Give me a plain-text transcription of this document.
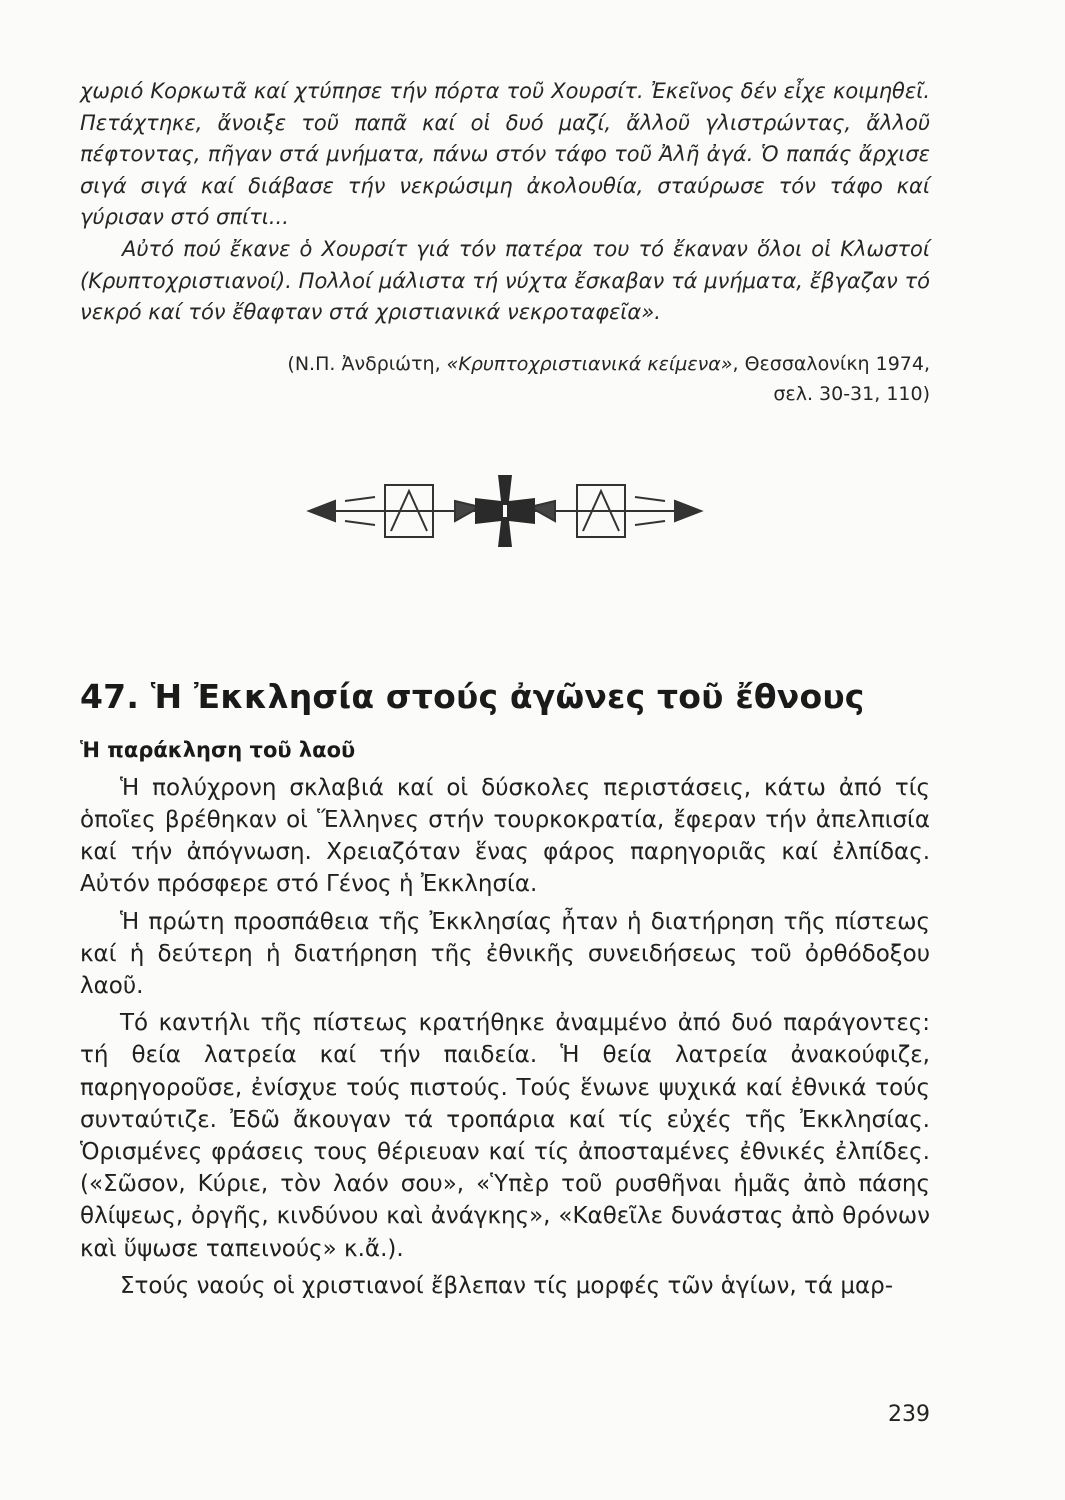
χωριό Κορκωτᾶ καί χτύπησε τήν πόρτα τοῦ Χουρσίτ. Ἐκεῖνος δέν εἶχε κοιμηθεῖ. Πετάχτηκε, ἄνοιξε τοῦ παπᾶ καί οἱ δυό μαζί, ἄλλοῦ γλιστρώντας, ἄλλοῦ πέφτοντας, πῆγαν στά μνήματα, πάνω στόν τάφο τοῦ Ἀλῆ ἀγά. Ὁ παπάς ἄρχισε σιγά σιγά καί διάβασε τήν νεκρώσιμη ἀκολουθία, σταύρωσε τόν τάφο καί γύρισαν στό σπίτι...

Αὐτό πού ἔκανε ὁ Χουρσίτ γιά τόν πατέρα του τό ἔκαναν ὅλοι οἱ Κλωστοί (Κρυπτοχριστιανοί). Πολλοί μάλιστα τή νύχτα ἔσκαβαν τά μνήματα, ἔβγαζαν τό νεκρό καί τόν ἔθαφταν στά χριστιανικά νεκροταφεῖα».

(Ν.Π. Ἀνδριώτη, «Κρυπτοχριστιανικά κείμενα», Θεσσαλονίκη 1974,
σελ. 30-31, 110)
47. Ἡ Ἐκκλησία στούς ἀγῶνες τοῦ ἔθνους
Ἡ παράκληση τοῦ λαοῦ

Ἡ πολύχρονη σκλαβιά καί οἱ δύσκολες περιστάσεις, κάτω ἀπό τίς ὁποῖες βρέθηκαν οἱ Ἕλληνες στήν τουρκοκρατία, ἔφεραν τήν ἀπελπισία καί τήν ἀπόγνωση. Χρειαζόταν ἕνας φάρος παρηγοριᾶς καί ἐλπίδας. Αὐτόν πρόσφερε στό Γένος ἡ Ἐκκλησία.

Ἡ πρώτη προσπάθεια τῆς Ἐκκλησίας ἦταν ἡ διατήρηση τῆς πίστεως καί ἡ δεύτερη ἡ διατήρηση τῆς ἐθνικῆς συνειδήσεως τοῦ ὀρθόδοξου λαοῦ.

Τό καντήλι τῆς πίστεως κρατήθηκε ἀναμμένο ἀπό δυό παράγοντες: τή θεία λατρεία καί τήν παιδεία. Ἡ θεία λατρεία ἀνακούφιζε, παρηγοροῦσε, ἐνίσχυε τούς πιστούς. Τούς ἕνωνε ψυχικά καί ἐθνικά τούς συνταύτιζε. Ἐδῶ ἄκουγαν τά τροπάρια καί τίς εὐχές τῆς Ἐκκλησίας. Ὁρισμένες φράσεις τους θέριευαν καί τίς ἀποσταμένες ἐθνικές ἐλπίδες. («Σῶσον, Κύριε, τὸν λαόν σου», «Ὑπὲρ τοῦ ρυσθῆναι ἡμᾶς ἀπὸ πάσης θλίψεως, ὀργῆς, κινδύνου καὶ ἀνάγκης», «Καθεῖλε δυνάστας ἀπὸ θρόνων καὶ ὕψωσε ταπεινούς» κ.ἄ.).

Στούς ναούς οἱ χριστιανοί ἔβλεπαν τίς μορφές τῶν ἁγίων, τά μαρ-

239
